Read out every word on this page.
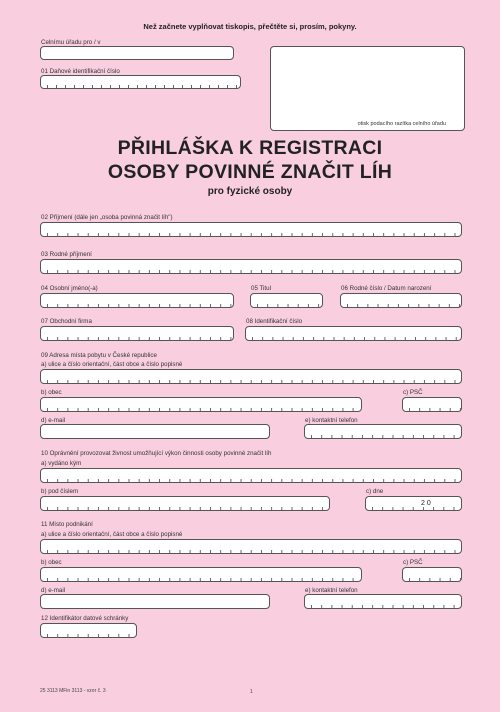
Než začnete vyplňovat tiskopis, přečtěte si, prosím, pokyny.
Celnímu úřadu pro / v
01 Daňové identifikační číslo
otisk podacího razítka celního úřadu
PŘIHLÁŠKA K REGISTRACI
OSOBY POVINNÉ ZNAČIT LÍH
pro fyzické osoby
02 Příjmení (dále jen „osoba povinná značit líh")
03 Rodné příjmení
04 Osobní jméno(-a)	05 Titul	06 Rodné číslo / Datum narození
07 Obchodní firma	08 Identifikační číslo
09 Adresa místa pobytu v České republice
a) ulice a číslo orientační, část obce a číslo popisné
b) obec	c) PSČ
d) e-mail	e) kontaktní telefon
10 Oprávnění provozovat živnost umožňující výkon činnosti osoby povinné značit líh
a) vydáno kým
b) pod číslem	c) dne
2 0
11 Místo podnikání
a) ulice a číslo orientační, část obce a číslo popisné
b) obec	c) PSČ
d) e-mail	e) kontaktní telefon
12 Identifikátor datové schránky
25 3113 MFin 3113 - vzor č. 3	1
